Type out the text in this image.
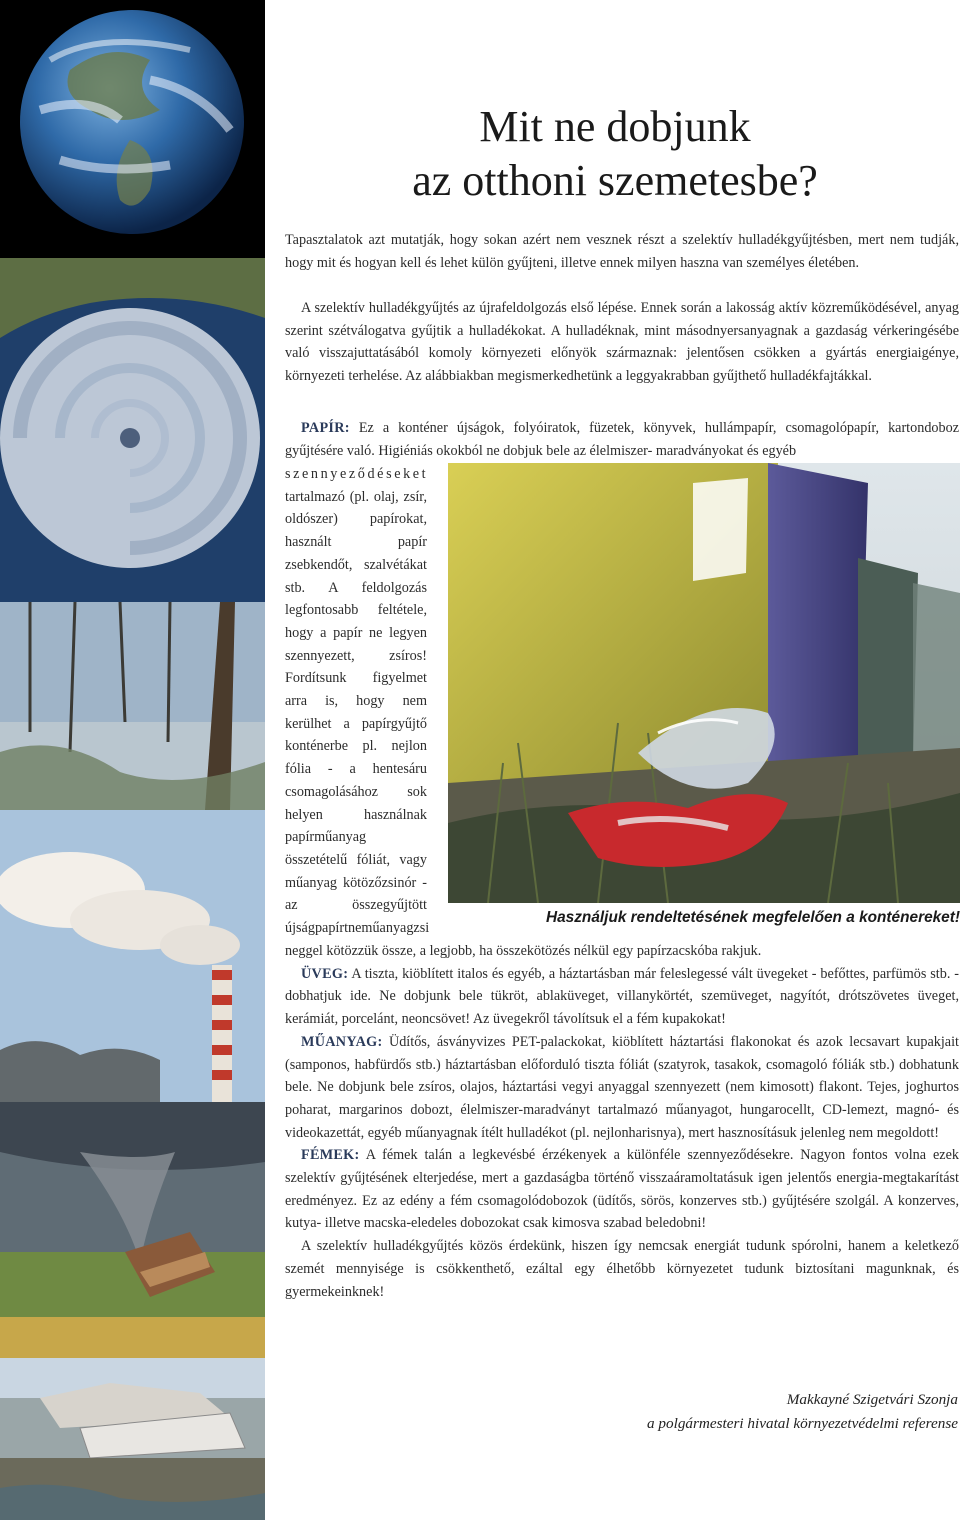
Mit ne dobjunk
az otthoni szemetesbe?

Tapasztalatok azt mutatják, hogy sokan azért nem vesznek részt a szelektív hulladékgyűjtésben, mert nem tudják, hogy mit és hogyan kell és lehet külön gyűjteni, illetve ennek milyen haszna van személyes életében.

A szelektív hulladékgyűjtés az újrafeldolgozás első lépése. Ennek során a lakosság aktív közreműködésével, anyag szerint szétválogatva gyűjtik a hulladékokat. A hulladéknak, mint másodnyersanyagnak a gazdaság vérkeringésébe való visszajuttatásából komoly környezeti előnyök származnak: jelentősen csökken a gyártás energiaigénye, környezeti terhelése. Az alábbiakban megismerkedhetünk a leggyakrabban gyűjthető hulladékfajtákkal.

PAPÍR: Ez a konténer újságok, folyóiratok, füzetek, könyvek, hullámpapír, csomagolópapír, kartondoboz gyűjtésére való. Higiéniás okokból ne dobjuk bele az élelmiszer- maradványokat és egyéb

szennyeződéseket
tartalmazó (pl. olaj, zsír, oldószer) papírokat, használt papír zsebkendőt, szalvétákat stb. A feldolgozás legfontosabb feltétele, hogy a papír ne legyen szennyezett, zsíros! Fordítsunk figyelmet arra is, hogy nem kerülhet a papírgyűjtő konténerbe pl. nejlon fólia - a hentesáru csomagolásához sok helyen használnak papírműanyag összetételű fóliát, vagy műanyag kötözőzsinór - az összegyűjtött újságpapírtneműanyagzsi

Használjuk rendeltetésének megfelelően a konténereket!

neggel kötözzük össze, a legjobb, ha összekötözés nélkül egy papírzacskóba rakjuk.

ÜVEG: A tiszta, kiöblített italos és egyéb, a háztartásban már feleslegessé vált üvegeket - befőttes, parfümös stb. - dobhatjuk ide. Ne dobjunk bele tükröt, ablaküveget, villanykörtét, szemüveget, nagyítót, drótszövetes üveget, kerámiát, porcelánt, neoncsövet! Az üvegekről távolítsuk el a fém kupakokat!

MŰANYAG: Üdítős, ásványvizes PET-palackokat, kiöblített háztartási flakonokat és azok lecsavart kupakjait (samponos, habfürdős stb.) háztartásban előforduló tiszta fóliát (szatyrok, tasakok, csomagoló fóliák stb.) dobhatunk bele. Ne dobjunk bele zsíros, olajos, háztartási vegyi anyaggal szennyezett (nem kimosott) flakont. Tejes, joghurtos poharat, margarinos dobozt, élelmiszer-maradványt tartalmazó műanyagot, hungarocellt, CD-lemezt, magnó- és videokazettát, egyéb műanyagnak ítélt hulladékot (pl. nejlonharisnya), mert hasznosításuk jelenleg nem megoldott!

FÉMEK: A fémek talán a legkevésbé érzékenyek a különféle szennyeződésekre. Nagyon fontos volna ezek szelektív gyűjtésének elterjedése, mert a gazdaságba történő visszaáramoltatásuk igen jelentős energia-megtakarítást eredményez. Ez az edény a fém csomagolódobozok (üdítős, sörös, konzerves stb.) gyűjtésére szolgál. A konzerves, kutya- illetve macska-eledeles dobozokat csak kimosva szabad beledobni!

A szelektív hulladékgyűjtés közös érdekünk, hiszen így nemcsak energiát tudunk spórolni, hanem a keletkező szemét mennyisége is csökkenthető, ezáltal egy élhetőbb környezetet tudunk biztosítani magunknak, és gyermekeinknek!

Makkayné Szigetvári Szonja
a polgármesteri hivatal környezetvédelmi referense
